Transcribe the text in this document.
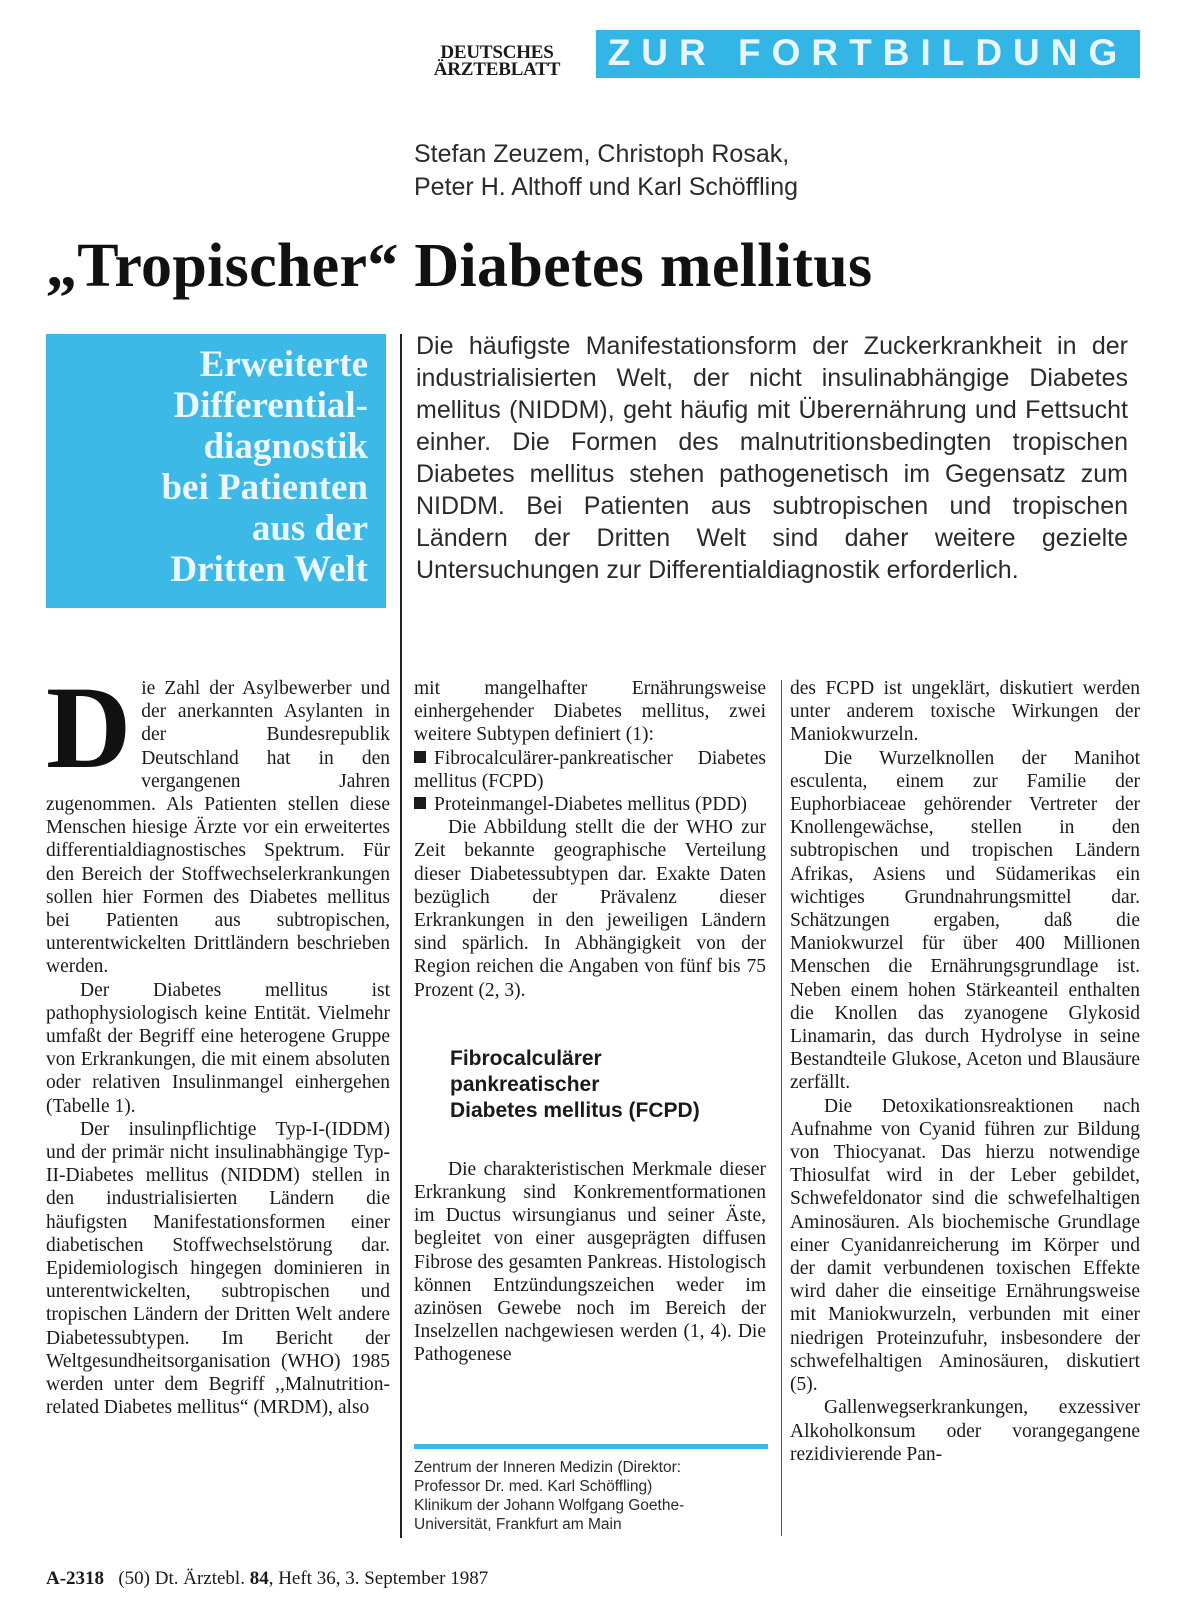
DEUTSCHES
ÄRZTEBLATT	ZUR FORTBILDUNG
Stefan Zeuzem, Christoph Rosak,
Peter H. Althoff und Karl Schöffling
„Tropischer“ Diabetes mellitus
Erweiterte
Differential-
diagnostik
bei Patienten
aus der
Dritten Welt
Die häufigste Manifestationsform der Zuckerkrankheit in der industrialisierten Welt, der nicht insulinabhängige Diabetes mellitus (NIDDM), geht häufig mit Überernährung und Fettsucht einher. Die Formen des malnutritionsbedingten tropischen Diabetes mellitus stehen pathogenetisch im Gegensatz zum NIDDM. Bei Patienten aus subtropischen und tropischen Ländern der Dritten Welt sind daher weitere gezielte Untersuchungen zur Differentialdiagnostik erforderlich.

Die Zahl der Asylbewerber und der anerkannten Asylanten in der Bundesrepublik Deutschland hat in den vergangenen Jahren zugenommen. Als Patienten stellen diese Menschen hiesige Ärzte vor ein erweitertes differentialdiagnostisches Spektrum. Für den Bereich der Stoffwechselerkrankungen sollen hier Formen des Diabetes mellitus bei Patienten aus subtropischen, unterentwickelten Drittländern beschrieben werden.

Der Diabetes mellitus ist pathophysiologisch keine Entität. Vielmehr umfaßt der Begriff eine heterogene Gruppe von Erkrankungen, die mit einem absoluten oder relativen Insulinmangel einhergehen (Tabelle 1).

Der insulinpflichtige Typ-I-(IDDM) und der primär nicht insulinabhängige Typ-II-Diabetes mellitus (NIDDM) stellen in den industrialisierten Ländern die häufigsten Manifestationsformen einer diabetischen Stoffwechselstörung dar. Epidemiologisch hingegen dominieren in unterentwickelten, subtropischen und tropischen Ländern der Dritten Welt andere Diabetessubtypen. Im Bericht der Weltgesundheitsorganisation (WHO) 1985 werden unter dem Begriff ,,Malnutrition-related Diabetes mellitus“ (MRDM), also

mit mangelhafter Ernährungsweise einhergehender Diabetes mellitus, zwei weitere Subtypen definiert (1):

Fibrocalculärer-pankreatischer Diabetes mellitus (FCPD)

Proteinmangel-Diabetes mellitus (PDD)

Die Abbildung stellt die der WHO zur Zeit bekannte geographische Verteilung dieser Diabetessubtypen dar. Exakte Daten bezüglich der Prävalenz dieser Erkrankungen in den jeweiligen Ländern sind spärlich. In Abhängigkeit von der Region reichen die Angaben von fünf bis 75 Prozent (2, 3).

Fibrocalculärer
pankreatischer
Diabetes mellitus (FCPD)

Die charakteristischen Merkmale dieser Erkrankung sind Konkrementformationen im Ductus wirsungianus und seiner Äste, begleitet von einer ausgeprägten diffusen Fibrose des gesamten Pankreas. Histologisch können Entzündungszeichen weder im azinösen Gewebe noch im Bereich der Inselzellen nachgewiesen werden (1, 4). Die Pathogenese

des FCPD ist ungeklärt, diskutiert werden unter anderem toxische Wirkungen der Maniokwurzeln.

Die Wurzelknollen der Manihot esculenta, einem zur Familie der Euphorbiaceae gehörender Vertreter der Knollengewächse, stellen in den subtropischen und tropischen Ländern Afrikas, Asiens und Südamerikas ein wichtiges Grundnahrungsmittel dar. Schätzungen ergaben, daß die Maniokwurzel für über 400 Millionen Menschen die Ernährungsgrundlage ist. Neben einem hohen Stärkeanteil enthalten die Knollen das zyanogene Glykosid Linamarin, das durch Hydrolyse in seine Bestandteile Glukose, Aceton und Blausäure zerfällt.

Die Detoxikationsreaktionen nach Aufnahme von Cyanid führen zur Bildung von Thiocyanat. Das hierzu notwendige Thiosulfat wird in der Leber gebildet, Schwefeldonator sind die schwefelhaltigen Aminosäuren. Als biochemische Grundlage einer Cyanidanreicherung im Körper und der damit verbundenen toxischen Effekte wird daher die einseitige Ernährungsweise mit Maniokwurzeln, verbunden mit einer niedrigen Proteinzufuhr, insbesondere der schwefelhaltigen Aminosäuren, diskutiert (5).

Gallenwegserkrankungen, exzessiver Alkoholkonsum oder vorangegangene rezidivierende Pan-

Zentrum der Inneren Medizin (Direktor:
Professor Dr. med. Karl Schöffling)
Klinikum der Johann Wolfgang Goethe-
Universität, Frankfurt am Main
A-2318 (50) Dt. Ärztebl. 84, Heft 36, 3. September 1987
